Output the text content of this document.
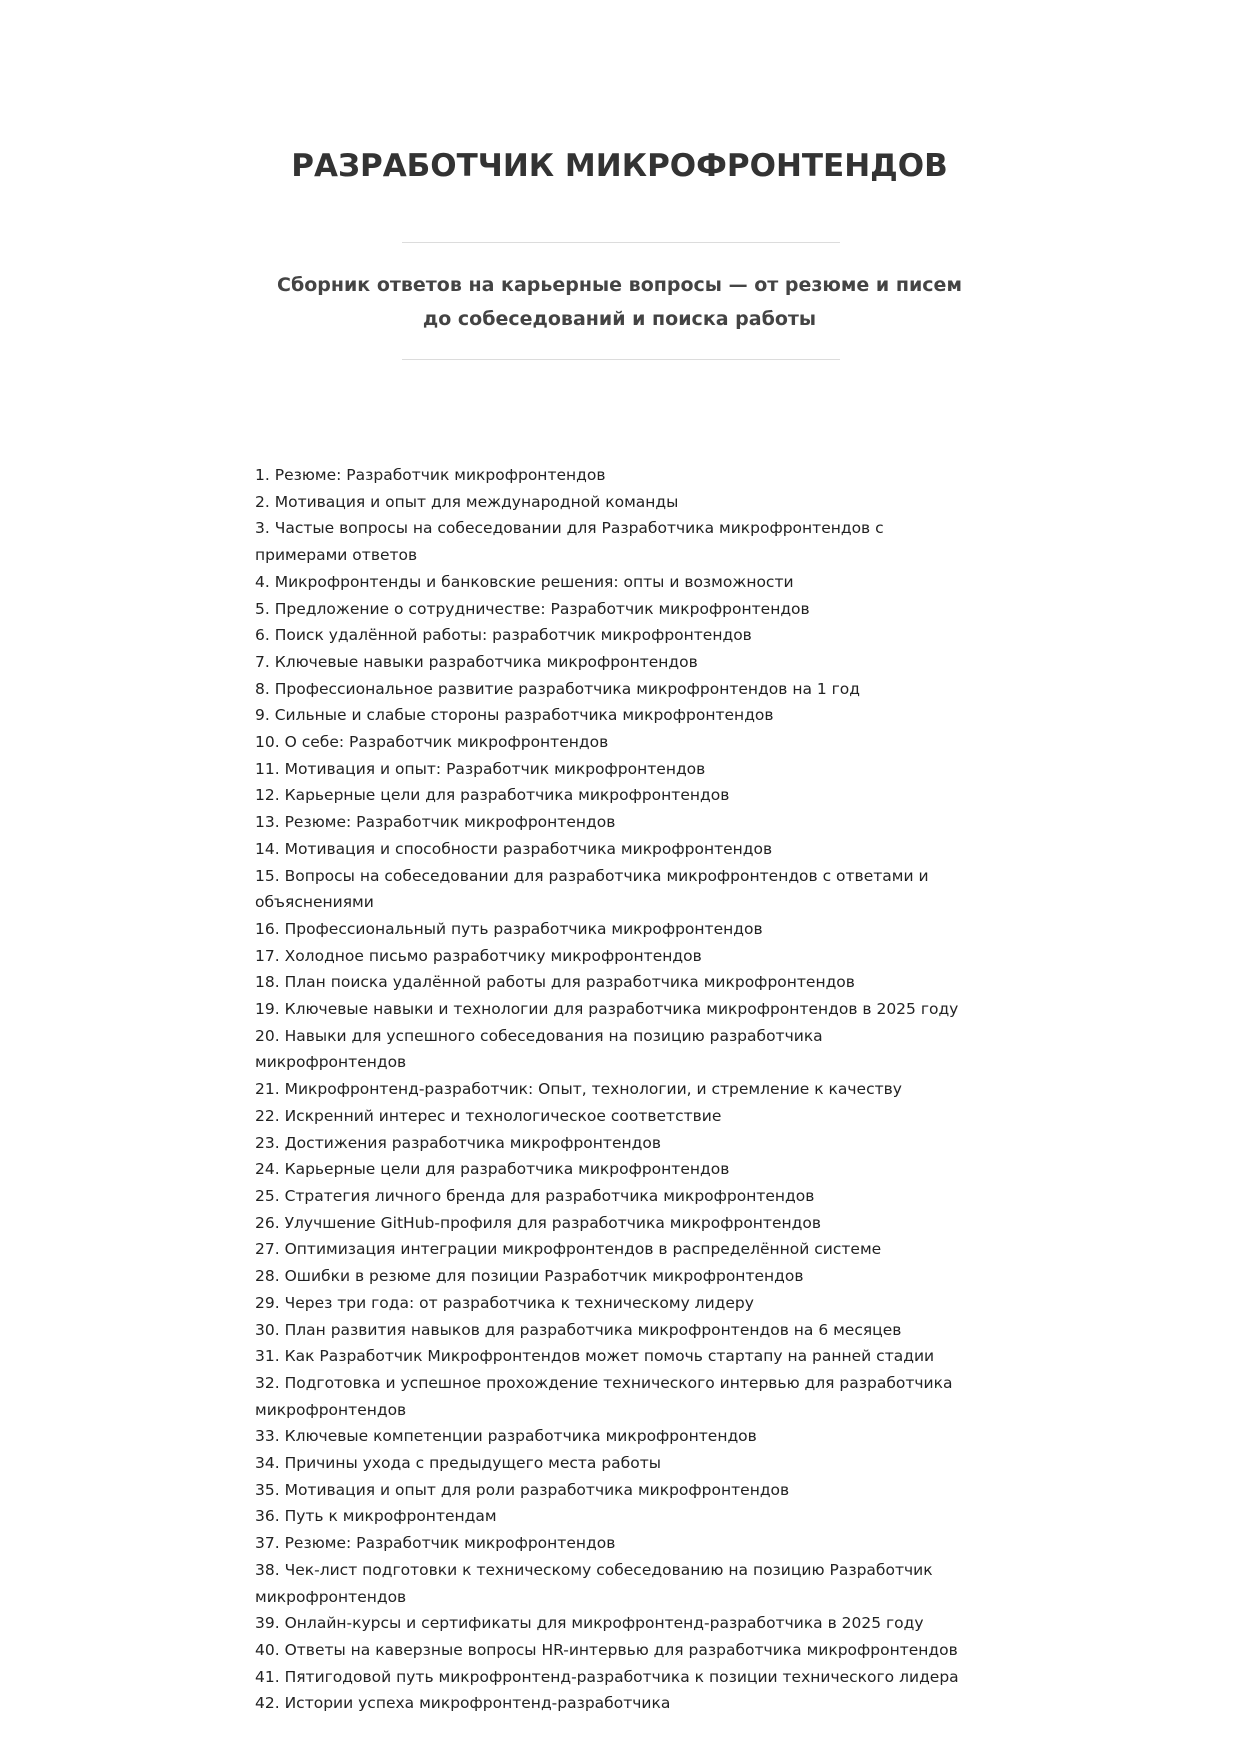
РАЗРАБОТЧИК МИКРОФРОНТЕНДОВ

Сборник ответов на карьерные вопросы — от резюме и писем до собеседований и поиска работы

1. Резюме: Разработчик микрофронтендов
2. Мотивация и опыт для международной команды
3. Частые вопросы на собеседовании для Разработчика микрофронтендов с примерами ответов
4. Микрофронтенды и банковские решения: опты и возможности
5. Предложение о сотрудничестве: Разработчик микрофронтендов
6. Поиск удалённой работы: разработчик микрофронтендов
7. Ключевые навыки разработчика микрофронтендов
8. Профессиональное развитие разработчика микрофронтендов на 1 год
9. Сильные и слабые стороны разработчика микрофронтендов
10. О себе: Разработчик микрофронтендов
11. Мотивация и опыт: Разработчик микрофронтендов
12. Карьерные цели для разработчика микрофронтендов
13. Резюме: Разработчик микрофронтендов
14. Мотивация и способности разработчика микрофронтендов
15. Вопросы на собеседовании для разработчика микрофронтендов с ответами и объяснениями
16. Профессиональный путь разработчика микрофронтендов
17. Холодное письмо разработчику микрофронтендов
18. План поиска удалённой работы для разработчика микрофронтендов
19. Ключевые навыки и технологии для разработчика микрофронтендов в 2025 году
20. Навыки для успешного собеседования на позицию разработчика микрофронтендов
21. Микрофронтенд-разработчик: Опыт, технологии, и стремление к качеству
22. Искренний интерес и технологическое соответствие
23. Достижения разработчика микрофронтендов
24. Карьерные цели для разработчика микрофронтендов
25. Стратегия личного бренда для разработчика микрофронтендов
26. Улучшение GitHub-профиля для разработчика микрофронтендов
27. Оптимизация интеграции микрофронтендов в распределённой системе
28. Ошибки в резюме для позиции Разработчик микрофронтендов
29. Через три года: от разработчика к техническому лидеру
30. План развития навыков для разработчика микрофронтендов на 6 месяцев
31. Как Разработчик Микрофронтендов может помочь стартапу на ранней стадии
32. Подготовка и успешное прохождение технического интервью для разработчика микрофронтендов
33. Ключевые компетенции разработчика микрофронтендов
34. Причины ухода с предыдущего места работы
35. Мотивация и опыт для роли разработчика микрофронтендов
36. Путь к микрофронтендам
37. Резюме: Разработчик микрофронтендов
38. Чек-лист подготовки к техническому собеседованию на позицию Разработчик микрофронтендов
39. Онлайн-курсы и сертификаты для микрофронтенд-разработчика в 2025 году
40. Ответы на каверзные вопросы HR-интервью для разработчика микрофронтендов
41. Пятигодовой путь микрофронтенд-разработчика к позиции технического лидера
42. Истории успеха микрофронтенд-разработчика
